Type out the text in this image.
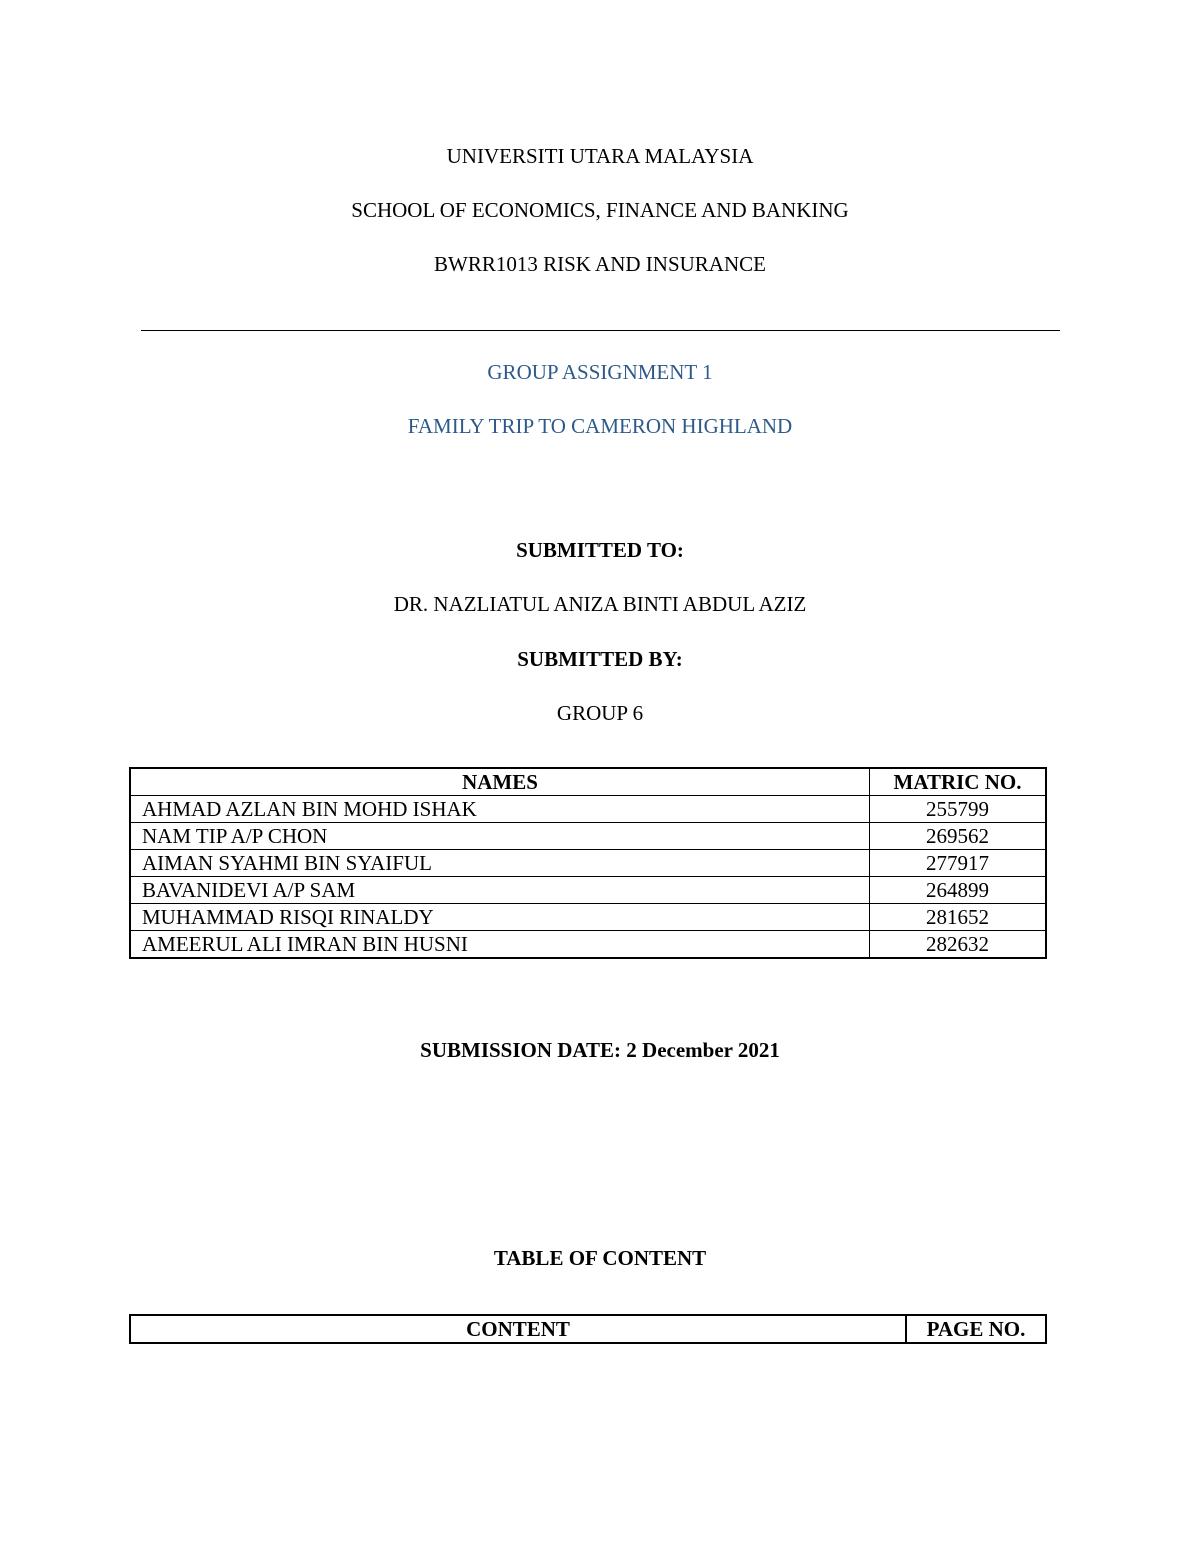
UNIVERSITI UTARA MALAYSIA
SCHOOL OF ECONOMICS, FINANCE AND BANKING
BWRR1013 RISK AND INSURANCE
GROUP ASSIGNMENT 1
FAMILY TRIP TO CAMERON HIGHLAND
SUBMITTED TO:
DR. NAZLIATUL ANIZA BINTI ABDUL AZIZ
SUBMITTED BY:
GROUP 6
NAMES	MATRIC NO.
AHMAD AZLAN BIN MOHD ISHAK	255799
NAM TIP A/P CHON	269562
AIMAN SYAHMI BIN SYAIFUL	277917
BAVANIDEVI A/P SAM	264899
MUHAMMAD RISQI RINALDY	281652
AMEERUL ALI IMRAN BIN HUSNI	282632
SUBMISSION DATE: 2 December 2021
TABLE OF CONTENT
CONTENT	PAGE NO.
